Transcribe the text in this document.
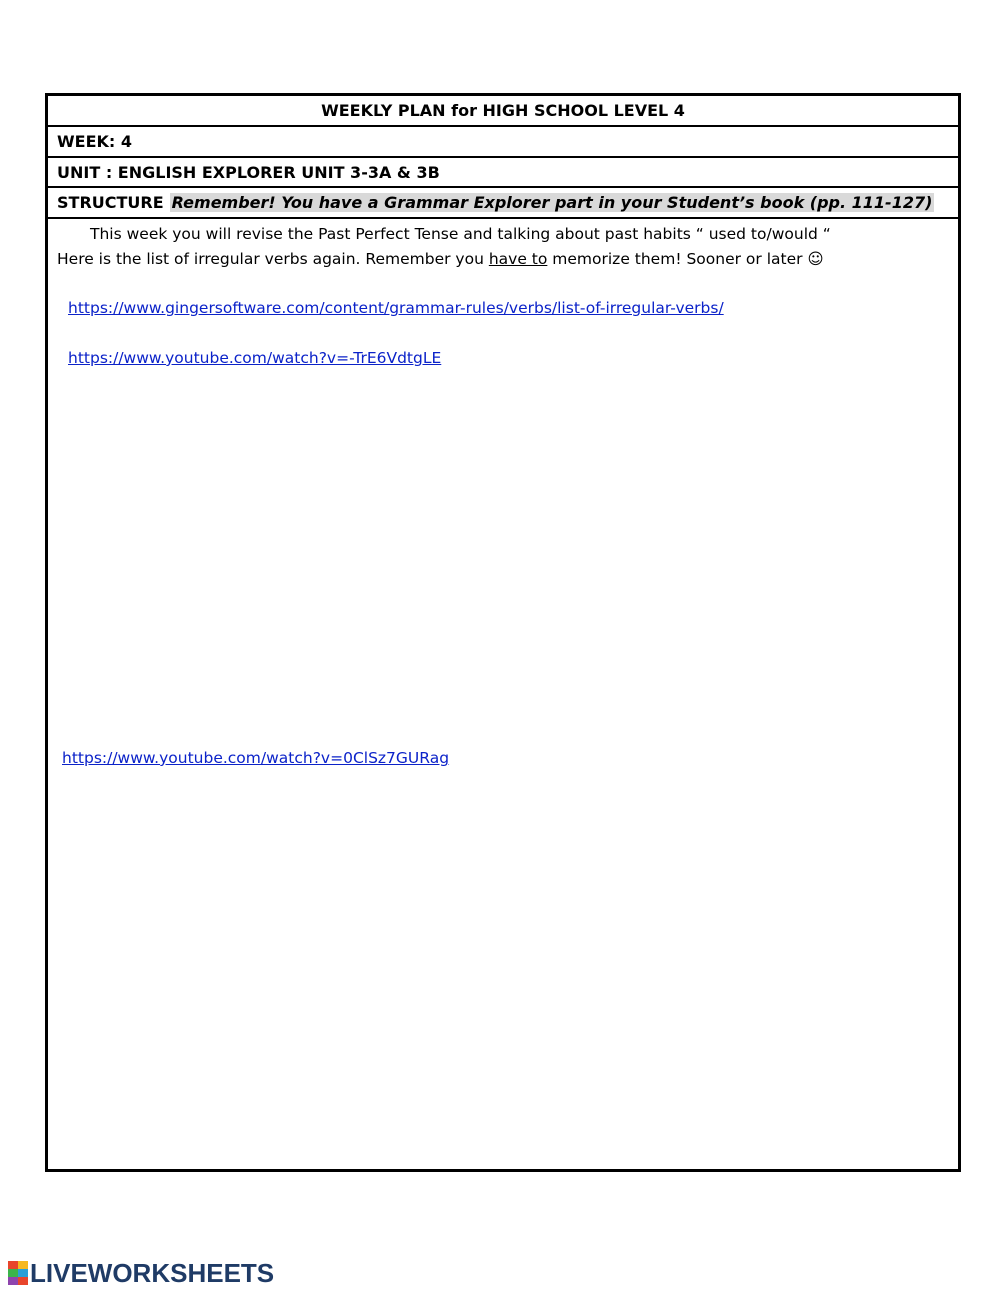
WEEKLY PLAN for HIGH SCHOOL LEVEL 4
WEEK: 4
UNIT : ENGLISH EXPLORER UNIT 3-3A & 3B
STRUCTURE Remember! You have a Grammar Explorer part in your Student’s book (pp. 111-127)
This week you will revise the Past Perfect Tense and talking about past habits “ used to/would “
Here is the list of irregular verbs again. Remember you have to memorize them! Sooner or later ☺
https://www.gingersoftware.com/content/grammar-rules/verbs/list-of-irregular-verbs/
https://www.youtube.com/watch?v=-TrE6VdtgLE
https://www.youtube.com/watch?v=0ClSz7GURag
LIVEWORKSHEETS
